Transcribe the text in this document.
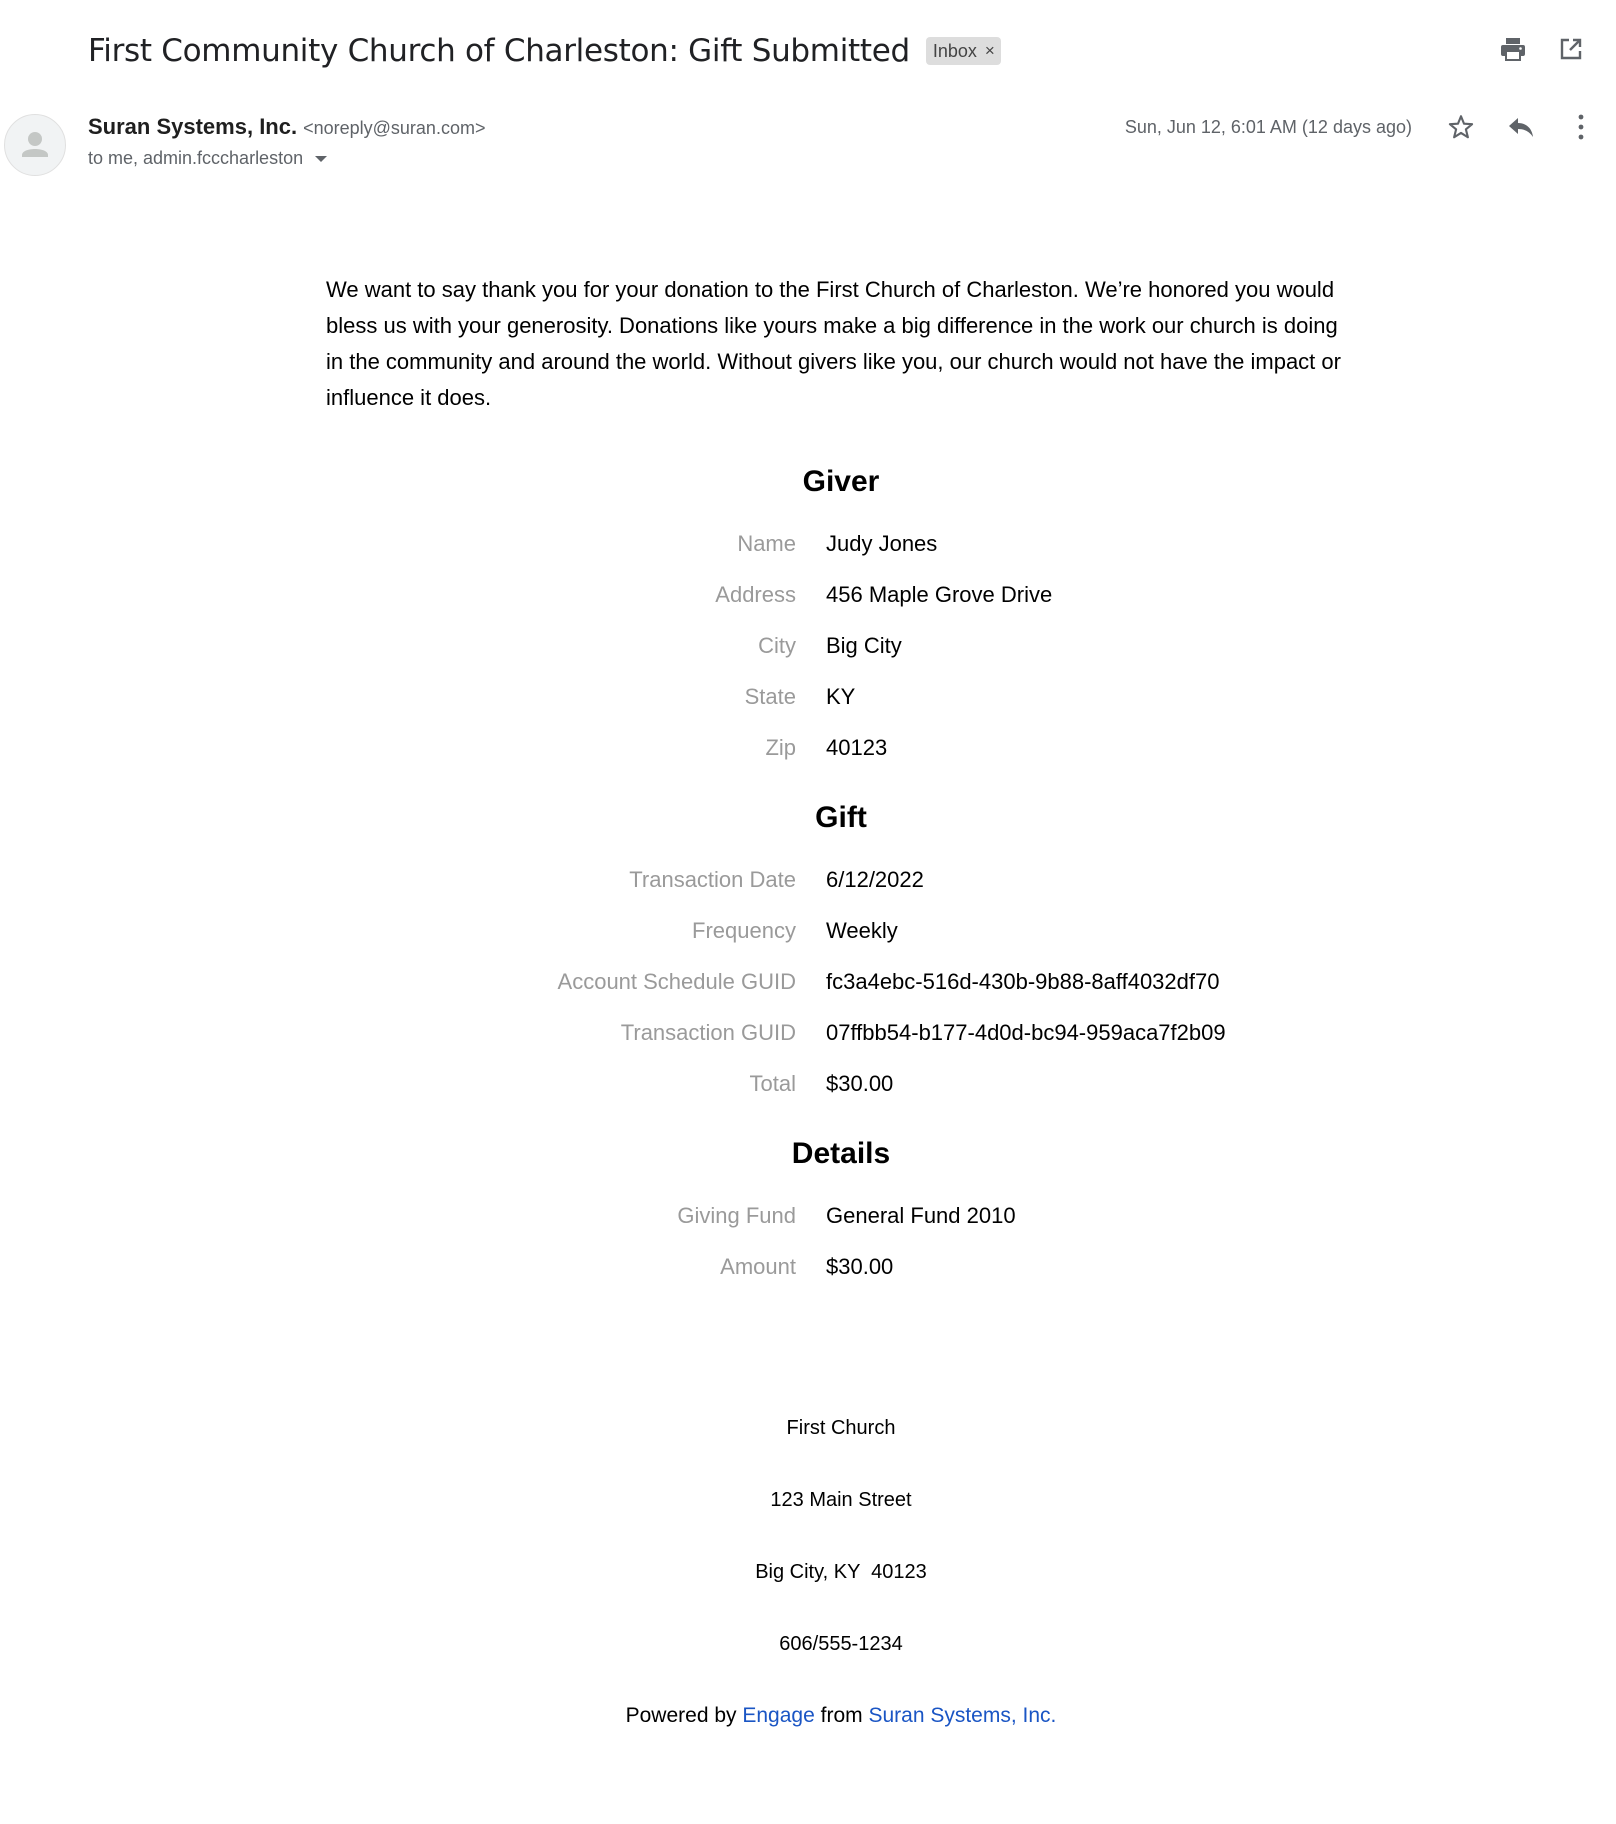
First Community Church of Charleston: Gift Submitted Inbox ×
Suran Systems, Inc. <noreply@suran.com>
to me, admin.fcccharleston
Sun, Jun 12, 6:01 AM (12 days ago)

We want to say thank you for your donation to the First Church of Charleston. We’re honored you would bless us with your generosity. Donations like yours make a big difference in the work our church is doing in the community and around the world. Without givers like you, our church would not have the impact or influence it does.

Giver
Name	Judy Jones
Address	456 Maple Grove Drive
City	Big City
State	KY
Zip	40123
Gift
Transaction Date	6/12/2022
Frequency	Weekly
Account Schedule GUID	fc3a4ebc-516d-430b-9b88-8aff4032df70
Transaction GUID	07ffbb54-b177-4d0d-bc94-959aca7f2b09
Total	$30.00
Details
Giving Fund	General Fund 2010
Amount	$30.00

First Church

123 Main Street

Big City, KY  40123

606/555-1234

Powered by Engage from Suran Systems, Inc.
